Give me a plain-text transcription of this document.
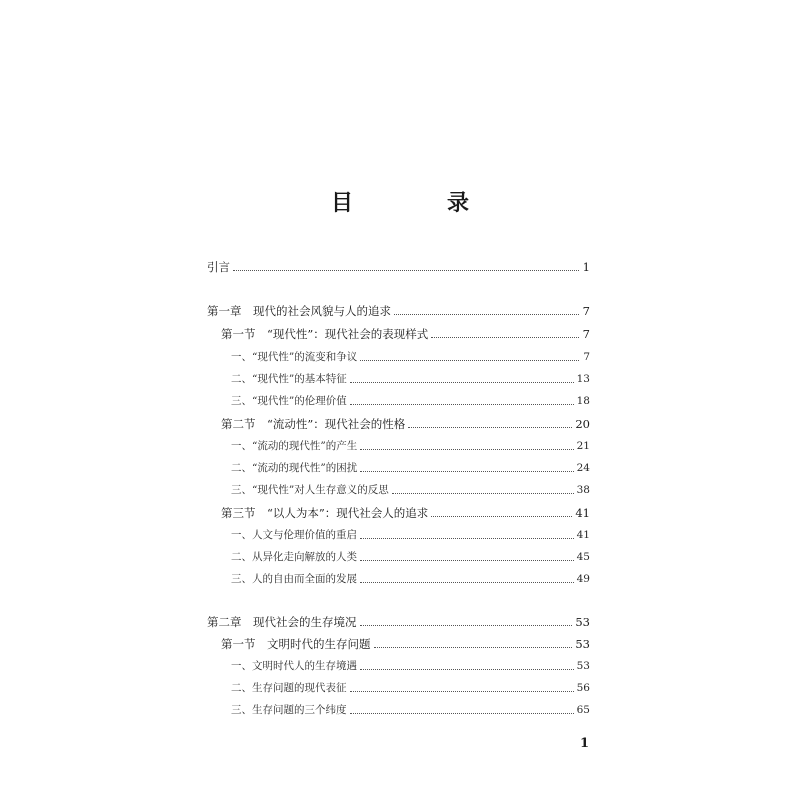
目　录
引言	1
第一章　现代的社会风貌与人的追求	7
第一节　“现代性”：现代社会的表现样式	7
一、“现代性”的流变和争议	7
二、“现代性”的基本特征	13
三、“现代性”的伦理价值	18
第二节　“流动性”：现代社会的性格	20
一、“流动的现代性”的产生	21
二、“流动的现代性”的困扰	24
三、“现代性”对人生存意义的反思	38
第三节　“以人为本”：现代社会人的追求	41
一、人文与伦理价值的重启	41
二、从异化走向解放的人类	45
三、人的自由而全面的发展	49
第二章　现代社会的生存境况	53
第一节　文明时代的生存问题	53
一、文明时代人的生存境遇	53
二、生存问题的现代表征	56
三、生存问题的三个纬度	65
1
